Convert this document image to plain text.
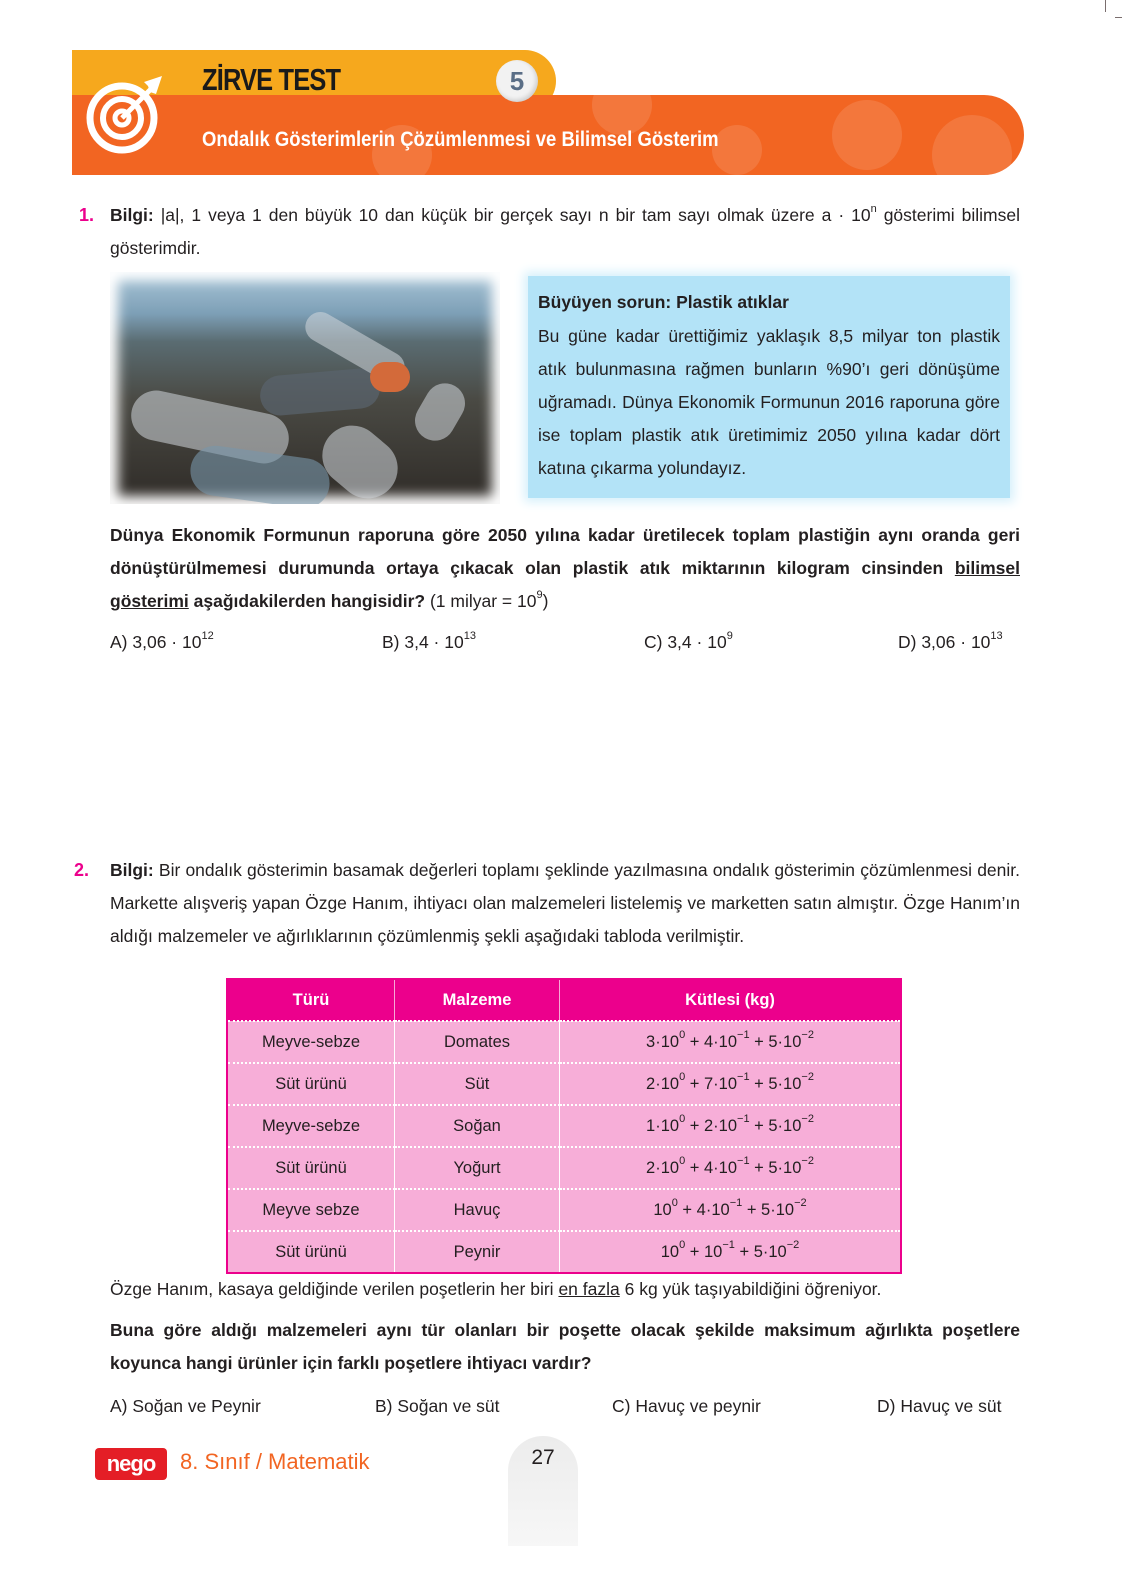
ZİRVE TEST	5
Ondalık Gösterimlerin Çözümlenmesi ve Bilimsel Gösterim
1. Bilgi: |a|, 1 veya 1 den büyük 10 dan küçük bir gerçek sayı n bir tam sayı olmak üzere $a \cdot 10^n$ gösterimi bilimsel gösterimdir.
Büyüyen sorun: Plastik atıklar
Bu güne kadar ürettiğimiz yaklaşık 8,5 milyar ton plastik atık bulunmasına rağmen bunların %90’ı geri dönüşüme uğramadı. Dünya Ekonomik Formunun 2016 raporuna göre ise toplam plastik atık üretimimiz 2050 yılına kadar dört katına çıkarma yolundayız.
Dünya Ekonomik Formunun raporuna göre 2050 yılına kadar üretilecek toplam plastiğin aynı oranda geri dönüştürülmemesi durumunda ortaya çıkacak olan plastik atık miktarının kilogram cinsinden bilimsel gösterimi aşağıdakilerden hangisidir? (1 milyar = $10^9$)
A) $3,06 \cdot 10^{12}$	B) $3,4 \cdot 10^{13}$	C) $3,4 \cdot 10^9$	D) $3,06 \cdot 10^{13}$
2. Bilgi: Bir ondalık gösterimin basamak değerleri toplamı şeklinde yazılmasına ondalık gösterimin çözümlenmesi denir. Markette alışveriş yapan Özge Hanım, ihtiyacı olan malzemeleri listelemiş ve marketten satın almıştır. Özge Hanım’ın aldığı malzemeler ve ağırlıklarının çözümlenmiş şekli aşağıdaki tabloda verilmiştir.
Türü	Malzeme	Kütlesi (kg)
Meyve-sebze	Domates	$3\cdot 10^0 + 4\cdot 10^{-1} + 5\cdot 10^{-2}$
Süt ürünü	Süt	$2\cdot 10^0 + 7\cdot 10^{-1} + 5\cdot 10^{-2}$
Meyve-sebze	Soğan	$1\cdot 10^0 + 2\cdot 10^{-1} + 5\cdot 10^{-2}$
Süt ürünü	Yoğurt	$2\cdot 10^0 + 4\cdot 10^{-1} + 5\cdot 10^{-2}$
Meyve sebze	Havuç	$10^0 + 4\cdot 10^{-1} + 5\cdot 10^{-2}$
Süt ürünü	Peynir	$10^0 + 10^{-1} + 5\cdot 10^{-2}$
Özge Hanım, kasaya geldiğinde verilen poşetlerin her biri en fazla 6 kg yük taşıyabildiğini öğreniyor.
Buna göre aldığı malzemeleri aynı tür olanları bir poşette olacak şekilde maksimum ağırlıkta poşetlere koyunca hangi ürünler için farklı poşetlere ihtiyacı vardır?
A) Soğan ve Peynir	B) Soğan ve süt	C) Havuç ve peynir	D) Havuç ve süt
nego	8. Sınıf / Matematik	27
